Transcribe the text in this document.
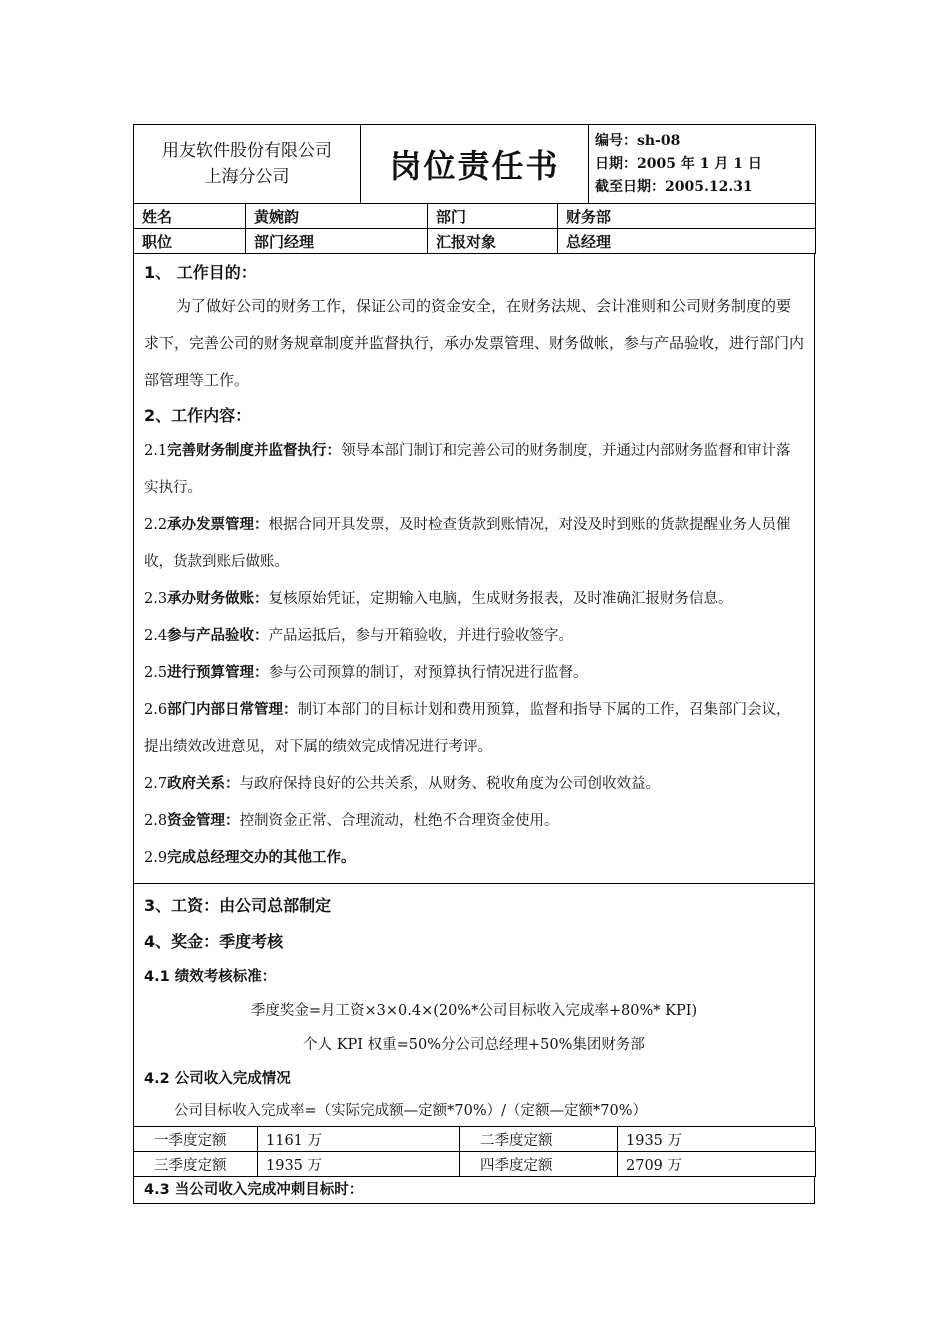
用友软件股份有限公司
上海分公司	岗位责任书	
编号：sh-08
日期：2005 年 1 月 1 日
截至日期：2005.12.31
姓名	黄婉韵	部门	财务部
职位	部门经理	汇报对象	总经理
1、 工作目的：

为了做好公司的财务工作，保证公司的资金安全，在财务法规、会计准则和公司财务制度的要求下，完善公司的财务规章制度并监督执行，承办发票管理、财务做帐，参与产品验收，进行部门内部管理等工作。

2、工作内容：

2.1完善财务制度并监督执行：领导本部门制订和完善公司的财务制度，并通过内部财务监督和审计落实执行。

2.2承办发票管理：根据合同开具发票，及时检查货款到账情况，对没及时到账的货款提醒业务人员催收，货款到账后做账。

2.3承办财务做账：复核原始凭证，定期输入电脑，生成财务报表，及时准确汇报财务信息。

2.4参与产品验收：产品运抵后，参与开箱验收，并进行验收签字。

2.5进行预算管理：参与公司预算的制订，对预算执行情况进行监督。

2.6部门内部日常管理：制订本部门的目标计划和费用预算，监督和指导下属的工作，召集部门会议，提出绩效改进意见，对下属的绩效完成情况进行考评。

2.7政府关系：与政府保持良好的公共关系，从财务、税收角度为公司创收效益。

2.8资金管理：控制资金正常、合理流动，杜绝不合理资金使用。

2.9完成总经理交办的其他工作。

3、工资：由公司总部制定
4、奖金：季度考核
4.1 绩效考核标准：
季度奖金=月工资×3×0.4×(20%*公司目标收入完成率+80%* KPI)
个人 KPI 权重=50%分公司总经理+50%集团财务部
4.2 公司收入完成情况
公司目标收入完成率=（实际完成额—定额*70%）/（定额—定额*70%）
一季度定额	1161 万	二季度定额	1935 万
三季度定额	1935 万	四季度定额	2709 万
4.3 当公司收入完成冲刺目标时：
